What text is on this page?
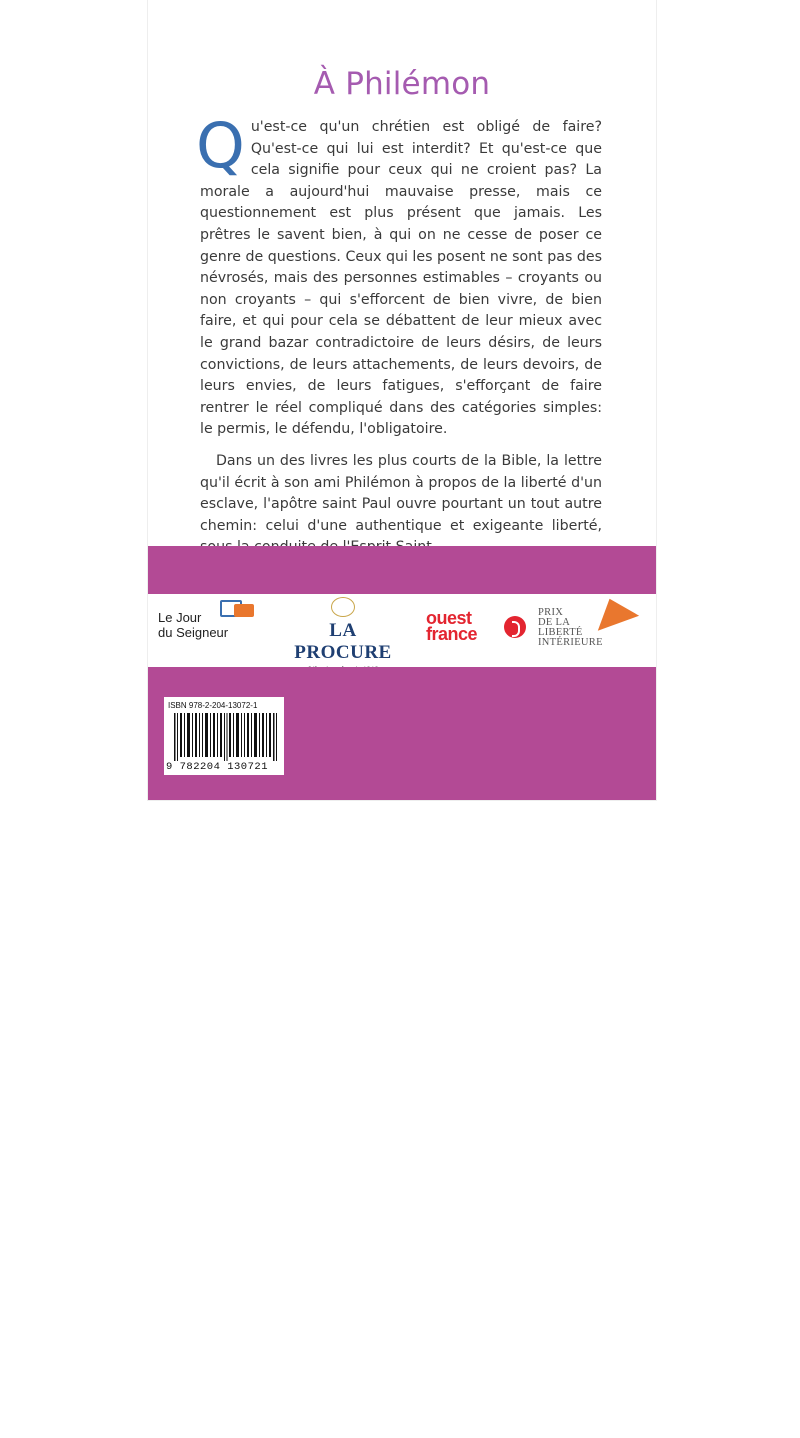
À Philémon

Qu'est-ce qu'un chrétien est obligé de faire? Qu'est-ce qui lui est interdit? Et qu'est-ce que cela signifie pour ceux qui ne croient pas? La morale a aujourd'hui mauvaise presse, mais ce questionnement est plus présent que jamais. Les prêtres le savent bien, à qui on ne cesse de poser ce genre de questions. Ceux qui les posent ne sont pas des névrosés, mais des personnes estimables – croyants ou non croyants – qui s'efforcent de bien vivre, de bien faire, et qui pour cela se débattent de leur mieux avec le grand bazar contradictoire de leurs désirs, de leurs convictions, de leurs attachements, de leurs devoirs, de leurs envies, de leurs fatigues, s'efforçant de faire rentrer le réel compliqué dans des catégories simples: le permis, le défendu, l'obligatoire.

Dans un des livres les plus courts de la Bible, la lettre qu'il écrit à son ami Philémon à propos de la liberté d'un esclave, l'apôtre saint Paul ouvre pourtant un tout autre chemin: celui d'une authentique et exigeante liberté,

Le Jour
du Seigneur	LA PROCURE
ouest
france
PRIX
DE LA
LIBERTÉ
INTÉRIEURE
10 €
ISBN 978-2-204-13072-1
9 782204 130721
